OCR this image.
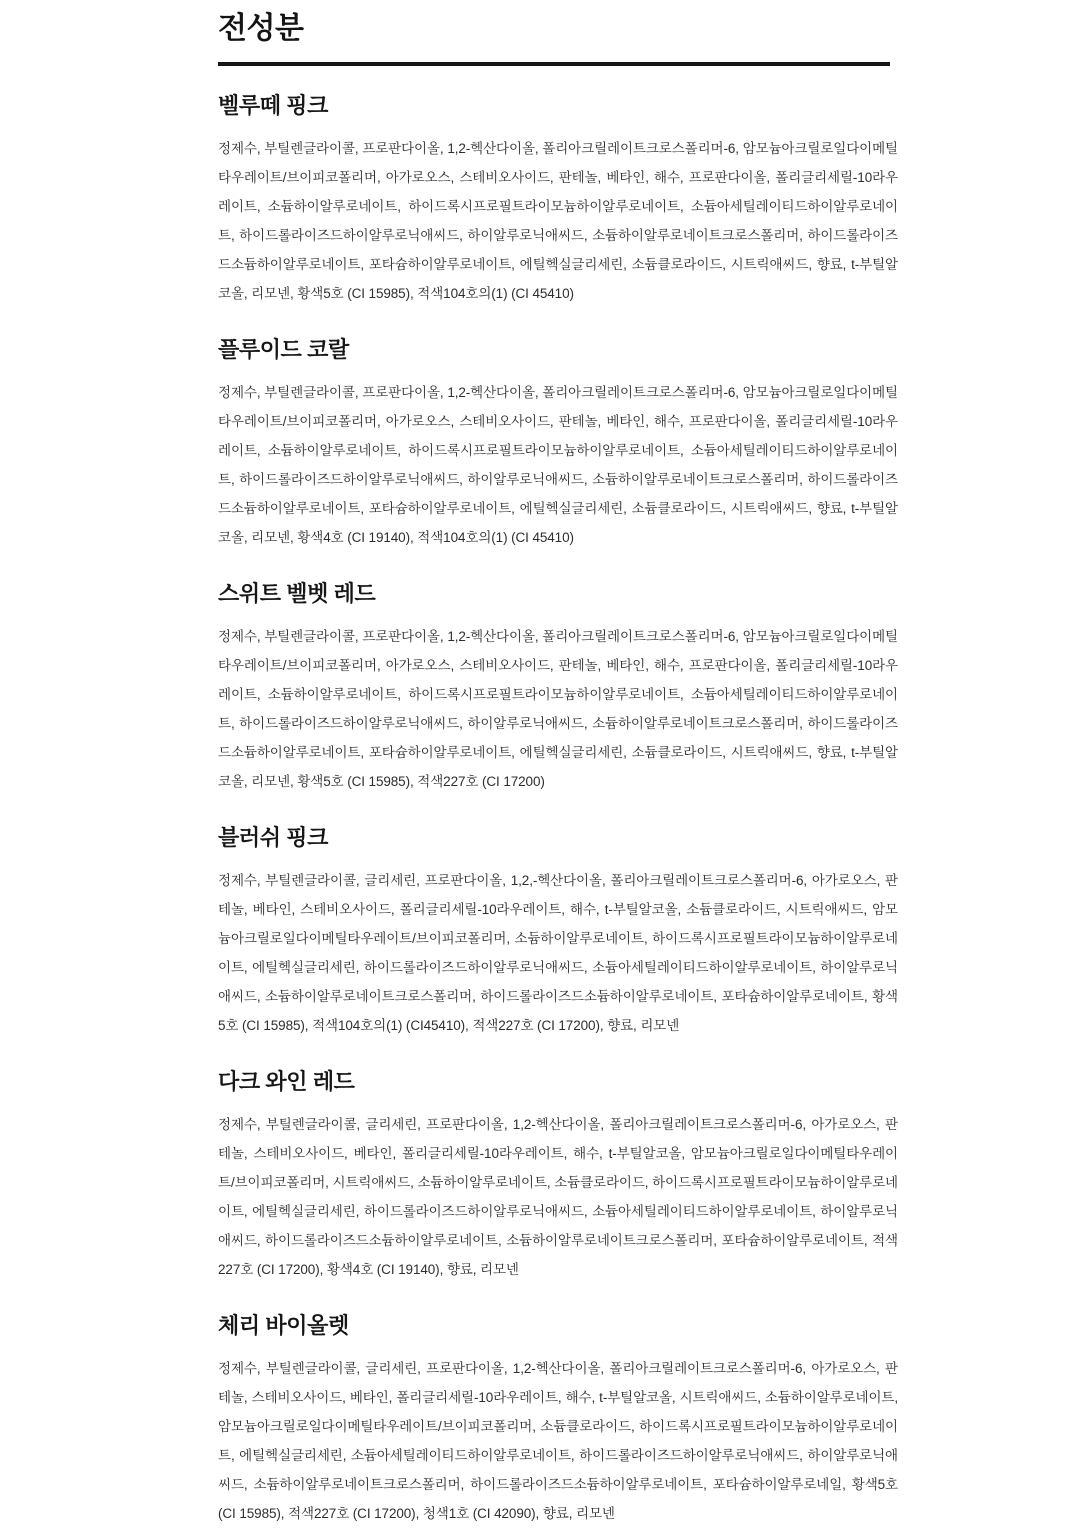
전성분
벨루떼 핑크

정제수, 부틸렌글라이콜, 프로판다이올, 1,2-헥산다이올, 폴리아크릴레이트크로스폴리머-6, 암모늄아크릴로일다이메틸타우레이트/브이피코폴리머, 아가로오스, 스테비오사이드, 판테놀, 베타인, 해수, 프로판다이올, 폴리글리세릴-10라우레이트, 소듐하이알루로네이트, 하이드록시프로필트라이모늄하이알루로네이트, 소듐아세틸레이티드하이알루로네이트, 하이드롤라이즈드하이알루로닉애씨드, 하이알루로닉애씨드, 소듐하이알루로네이트크로스폴리머, 하이드롤라이즈드소듐하이알루로네이트, 포타슘하이알루로네이트, 에틸헥실글리세린, 소듐클로라이드, 시트릭애씨드, 향료, t-부틸알코올, 리모넨, 황색5호 (CI 15985), 적색104호의(1) (CI 45410)

플루이드 코랄

정제수, 부틸렌글라이콜, 프로판다이올, 1,2-헥산다이올, 폴리아크릴레이트크로스폴리머-6, 암모늄아크릴로일다이메틸타우레이트/브이피코폴리머, 아가로오스, 스테비오사이드, 판테놀, 베타인, 해수, 프로판다이올, 폴리글리세릴-10라우레이트, 소듐하이알루로네이트, 하이드록시프로필트라이모늄하이알루로네이트, 소듐아세틸레이티드하이알루로네이트, 하이드롤라이즈드하이알루로닉애씨드, 하이알루로닉애씨드, 소듐하이알루로네이트크로스폴리머, 하이드롤라이즈드소듐하이알루로네이트, 포타슘하이알루로네이트, 에틸헥실글리세린, 소듐클로라이드, 시트릭애씨드, 향료, t-부틸알코올, 리모넨, 황색4호 (CI 19140), 적색104호의(1) (CI 45410)

스위트 벨벳 레드

정제수, 부틸렌글라이콜, 프로판다이올, 1,2-헥산다이올, 폴리아크릴레이트크로스폴리머-6, 암모늄아크릴로일다이메틸타우레이트/브이피코폴리머, 아가로오스, 스테비오사이드, 판테놀, 베타인, 해수, 프로판다이올, 폴리글리세릴-10라우레이트, 소듐하이알루로네이트, 하이드록시프로필트라이모늄하이알루로네이트, 소듐아세틸레이티드하이알루로네이트, 하이드롤라이즈드하이알루로닉애씨드, 하이알루로닉애씨드, 소듐하이알루로네이트크로스폴리머, 하이드롤라이즈드소듐하이알루로네이트, 포타슘하이알루로네이트, 에틸헥실글리세린, 소듐클로라이드, 시트릭애씨드, 향료, t-부틸알코올, 리모넨, 황색5호 (CI 15985), 적색227호 (CI 17200)

블러쉬 핑크

정제수, 부틸렌글라이콜, 글리세린, 프로판다이올, 1,2,-헥산다이올, 폴리아크릴레이트크로스폴리머-6, 아가로오스, 판테놀, 베타인, 스테비오사이드, 폴리글리세릴-10라우레이트, 해수, t-부틸알코올, 소듐클로라이드, 시트릭애씨드, 암모늄아크릴로일다이메틸타우레이트/브이피코폴리머, 소듐하이알루로네이트, 하이드록시프로필트라이모늄하이알루로네이트, 에틸헥실글리세린, 하이드롤라이즈드하이알루로닉애씨드, 소듐아세틸레이티드하이알루로네이트, 하이알루로닉애씨드, 소듐하이알루로네이트크로스폴리머, 하이드롤라이즈드소듐하이알루로네이트, 포타슘하이알루로네이트, 황색5호 (CI 15985), 적색104호의(1) (CI45410), 적색227호 (CI 17200), 향료, 리모넨

다크 와인 레드

정제수, 부틸렌글라이콜, 글리세린, 프로판다이올, 1,2-헥산다이올, 폴리아크릴레이트크로스폴리머-6, 아가로오스, 판테놀, 스테비오사이드, 베타인, 폴리글리세릴-10라우레이트, 해수, t-부틸알코올, 암모늄아크릴로일다이메틸타우레이트/브이피코폴리머, 시트릭애씨드, 소듐하이알루로네이트, 소듐클로라이드, 하이드록시프로필트라이모늄하이알루로네이트, 에틸헥실글리세린, 하이드롤라이즈드하이알루로닉애씨드, 소듐아세틸레이티드하이알루로네이트, 하이알루로닉애씨드, 하이드롤라이즈드소듐하이알루로네이트, 소듐하이알루로네이트크로스폴리머, 포타슘하이알루로네이트, 적색227호 (CI 17200), 황색4호 (CI 19140), 향료, 리모넨

체리 바이올렛

정제수, 부틸렌글라이콜, 글리세린, 프로판다이올, 1,2-헥산다이올, 폴리아크릴레이트크로스폴리머-6, 아가로오스, 판테놀, 스테비오사이드, 베타인, 폴리글리세릴-10라우레이트, 해수, t-부틸알코올, 시트릭애씨드, 소듐하이알루로네이트, 암모늄아크릴로일다이메틸타우레이트/브이피코폴리머, 소듐클로라이드, 하이드록시프로필트라이모늄하이알루로네이트, 에틸헥실글리세린, 소듐아세틸레이티드하이알루로네이트, 하이드롤라이즈드하이알루로닉애씨드, 하이알루로닉애씨드, 소듐하이알루로네이트크로스폴리머, 하이드롤라이즈드소듐하이알루로네이트, 포타슘하이알루로네일, 황색5호 (CI 15985), 적색227호 (CI 17200), 청색1호 (CI 42090), 향료, 리모넨
